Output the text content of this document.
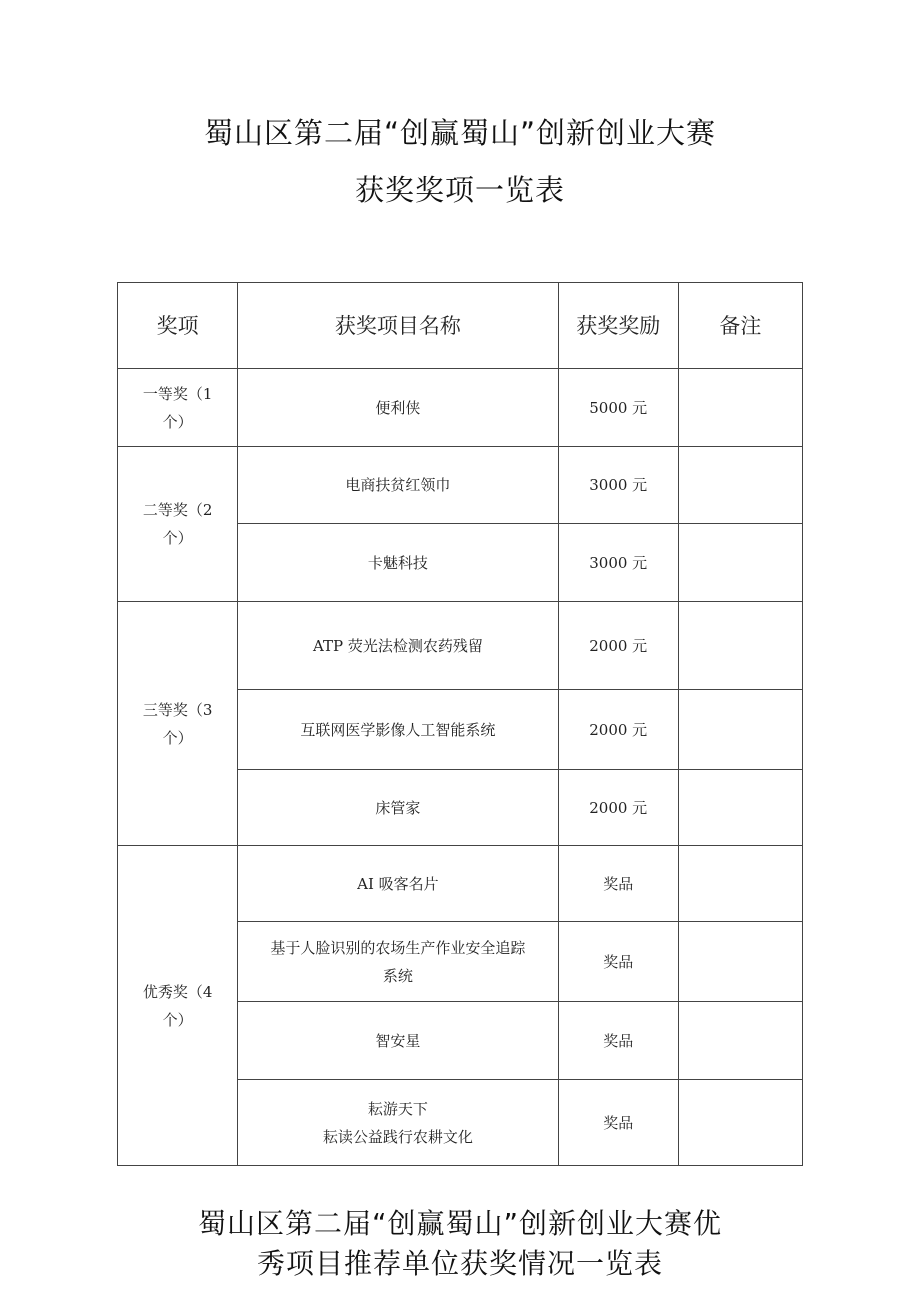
蜀山区第二届“创赢蜀山”创新创业大赛
获奖奖项一览表
奖项	获奖项目名称	获奖奖励	备注
一等奖（1
个）	便利侠	5000 元	
二等奖（2
个）	电商扶贫红领巾	3000 元	
	卡魅科技	3000 元	
三等奖（3
个）	ATP 荧光法检测农药残留	2000 元	
	互联网医学影像人工智能系统	2000 元	
	床管家	2000 元	
优秀奖（4
个）	AI 吸客名片	奖品	
	基于人脸识别的农场生产作业安全追踪
系统	奖品	
	智安星	奖品	
	耘游天下
耘读公益践行农耕文化	奖品	
蜀山区第二届“创赢蜀山”创新创业大赛优
秀项目推荐单位获奖情况一览表
